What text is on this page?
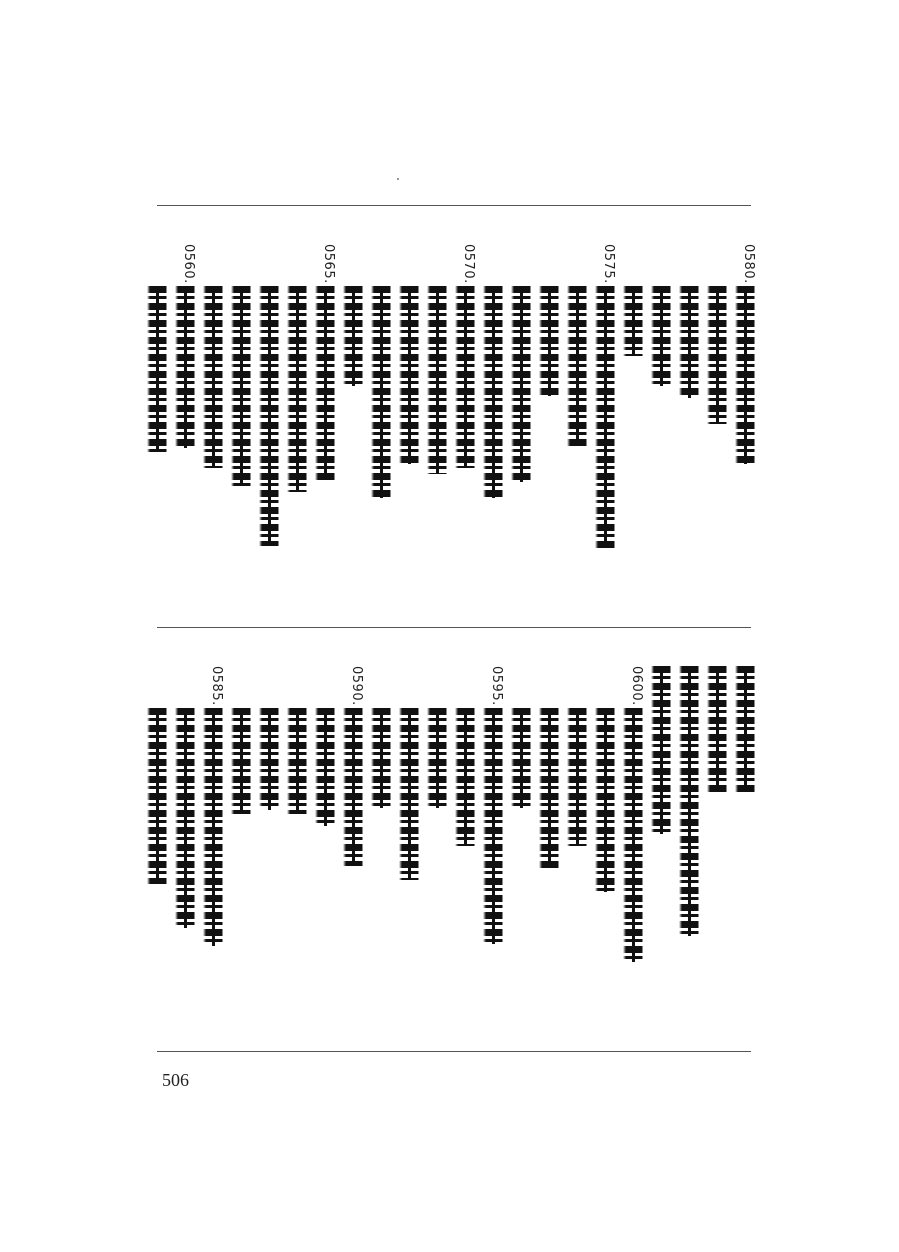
0580.
0575.
0570.
0565.
0560.
0600.
0595.
0590.
0585.
506
